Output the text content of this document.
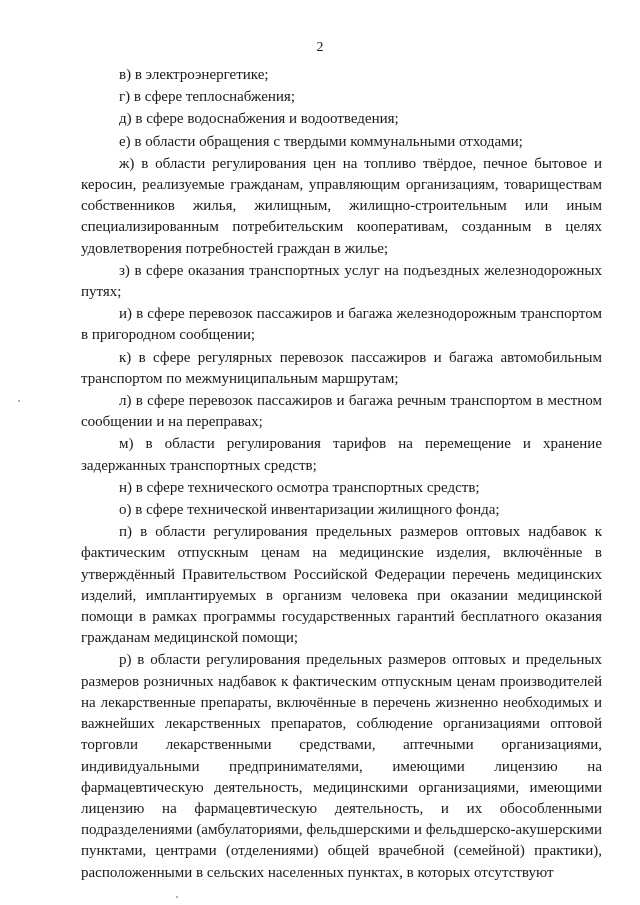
2

в) в электроэнергетике;

г) в сфере теплоснабжения;

д) в сфере водоснабжения и водоотведения;

е) в области обращения с твердыми коммунальными отходами;

ж) в области регулирования цен на топливо твёрдое, печное бытовое и керосин, реализуемые гражданам, управляющим организациям, товариществам собственников жилья, жилищным, жилищно-строительным или иным специализированным потребительским кооперативам, созданным в целях удовлетворения потребностей граждан в жилье;

з) в сфере оказания транспортных услуг на подъездных железнодорожных путях;

и) в сфере перевозок пассажиров и багажа железнодорожным транспортом в пригородном сообщении;

к) в сфере регулярных перевозок пассажиров и багажа автомобильным транспортом по межмуниципальным маршрутам;

л) в сфере перевозок пассажиров и багажа речным транспортом в местном сообщении и на переправах;

м) в области регулирования тарифов на перемещение и хранение задержанных транспортных средств;

н) в сфере технического осмотра транспортных средств;

о) в сфере технической инвентаризации жилищного фонда;

п) в области регулирования предельных размеров оптовых надбавок к фактическим отпускным ценам на медицинские изделия, включённые в утверждённый Правительством Российской Федерации перечень медицинских изделий, имплантируемых в организм человека при оказании медицинской помощи в рамках программы государственных гарантий бесплатного оказания гражданам медицинской помощи;

р) в области регулирования предельных размеров оптовых и предельных размеров розничных надбавок к фактическим отпускным ценам производителей на лекарственные препараты, включённые в перечень жизненно необходимых и важнейших лекарственных препаратов, соблюдение организациями оптовой торговли лекарственными средствами, аптечными организациями, индивидуальными предпринимателями, имеющими лицензию на фармацевтическую деятельность, медицинскими организациями, имеющими лицензию на фармацевтическую деятельность, и их обособленными подразделениями (амбулаториями, фельдшерскими и фельдшерско-акушерскими пунктами, центрами (отделениями) общей врачебной (семейной) практики), расположенными в сельских населенных пунктах, в которых отсутствуют
